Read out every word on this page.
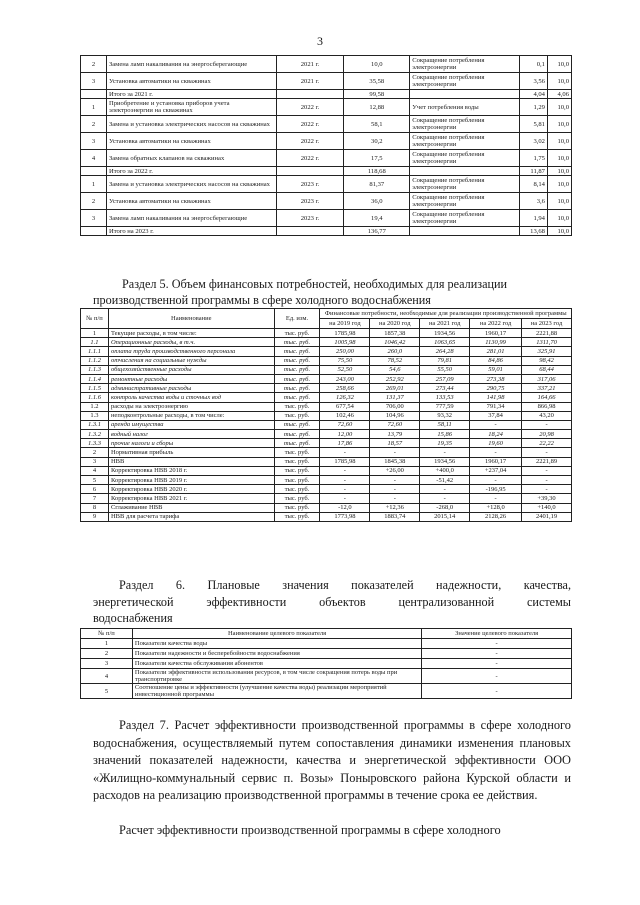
3
2	Замена ламп накаливания на энергосберегающие	2021 г.	10,0	Сокращение потребления электроэнергии	0,1	10,0
3	Установка автоматики на скважинах	2021 г.	35,58	Сокращение потребления электроэнергии	3,56	10,0
	Итого за 2021 г.		99,58		4,04	4,06
1	Приобретение и установка приборов учета электроэнергии на скважинах	2022 г.	12,88	Учет потребления воды	1,29	10,0
2	Замена и установка электрических насосов на скважинах	2022 г.	58,1	Сокращение потребления электроэнергии	5,81	10,0
3	Установка автоматики на скважинах	2022 г.	30,2	Сокращение потребления электроэнергии	3,02	10,0
4	Замена обратных клапанов на скважинах	2022 г.	17,5	Сокращение потребления электроэнергии	1,75	10,0
	Итого за 2022 г.		118,68		11,87	10,0
1	Замена и установка электрических насосов на скважинах	2023 г.	81,37	Сокращение потребления электроэнергии	8,14	10,0
2	Установка автоматики на скважинах	2023 г.	36,0	Сокращение потребления электроэнергии	3,6	10,0
3	Замена ламп накаливания на энергосберегающие	2023 г.	19,4	Сокращение потребления электроэнергии	1,94	10,0
	Итого на 2023 г.		136,77		13,68	10,0
Раздел 5. Объем финансовых потребностей, необходимых для реализации
производственной программы в сфере холодного водоснабжения
№ п/п	Наименование	Ед. изм.	Финансовые потребности, необходимые для реализации производственной программы				
			на 2019 год	на 2020 год	на 2021 год	на 2022 год	на 2023 год
1	Текущие расходы, в том числе:	тыс. руб.	1785,98	1857,38	1934,56	1960,17	2221,88
1.1	Операционные расходы, в т.ч.	тыс. руб.	1005,98	1046,42	1063,65	1130,99	1311,70
1.1.1	оплата труда производственного персонала	тыс. руб.	250,00	260,0	264,28	281,01	325,91
1.1.2	отчисления на социальные нужды	тыс. руб.	75,50	78,52	79,81	84,86	98,42
1.1.3	общехозяйственные расходы	тыс. руб.	52,50	54,6	55,50	59,01	68,44
1.1.4	ремонтные расходы	тыс. руб.	243,00	252,92	257,09	273,38	317,06
1.1.5	административные расходы	тыс. руб.	258,66	269,01	273,44	290,75	337,21
1.1.6	контроль качества воды и сточных вод	тыс. руб.	126,32	131,37	133,53	141,98	164,66
1.2	расходы на электроэнергию	тыс. руб.	677,54	706,00	777,59	791,34	866,98
1.3	неподконтрольные расходы, в том числе:	тыс. руб.	102,46	104,96	93,32	37,84	43,20
1.3.1	аренда имущества	тыс. руб.	72,60	72,60	58,11	-	-
1.3.2	водный налог	тыс. руб.	12,00	13,79	15,86	18,24	20,98
1.3.3	прочие налоги и сборы	тыс. руб.	17,86	18,57	19,35	19,60	22,22
2	Нормативная прибыль	тыс. руб.	-	-	-	-	-
3	НВВ	тыс. руб.	1785,98	1845,38	1934,56	1960,17	2221,89
4	Корректировка НВВ 2018 г.	тыс. руб.	-	+26,00	+400,0	+237,04	-
5	Корректировка НВВ 2019 г.	тыс. руб.	-	-	-51,42	-	-
6	Корректировка НВВ 2020 г.	тыс. руб.	-	-	-	-196,95	-
7	Корректировка НВВ 2021 г.	тыс. руб.	-	-	-	-	+39,30
8	Сглаживание НВВ	тыс. руб.	-12,0	+12,36	-268,0	+128,0	+140,0
9	НВВ для расчета тарифа	тыс. руб.	1773,98	1883,74	2015,14	2128,26	2401,19
Раздел 6. Плановые значения показателей надежности, качества,
энергетической эффективности объектов централизованной системы
водоснабжения
№ п/п	Наименование целевого показателя	Значение целевого показателя
1	Показатели качества воды	-
2	Показатели надежности и бесперебойности водоснабжения	-
3	Показатели качества обслуживания абонентов	-
4	Показатели эффективности использования ресурсов, в том числе сокращения потерь воды при транспортировке	-
5	Соотношение цены и эффективности (улучшение качества воды) реализации мероприятий инвестиционной программы	-
Раздел 7. Расчет эффективности производственной программы в сфере холодного водоснабжения, осуществляемый путем сопоставления динамики изменения плановых значений показателей надежности, качества и энергетической эффективности ООО «Жилищно-коммунальный сервис п. Возы» Поныровского района Курской области и расходов на реализацию производственной программы в течение срока ее действия.
Расчет эффективности производственной программы в сфере холодного
